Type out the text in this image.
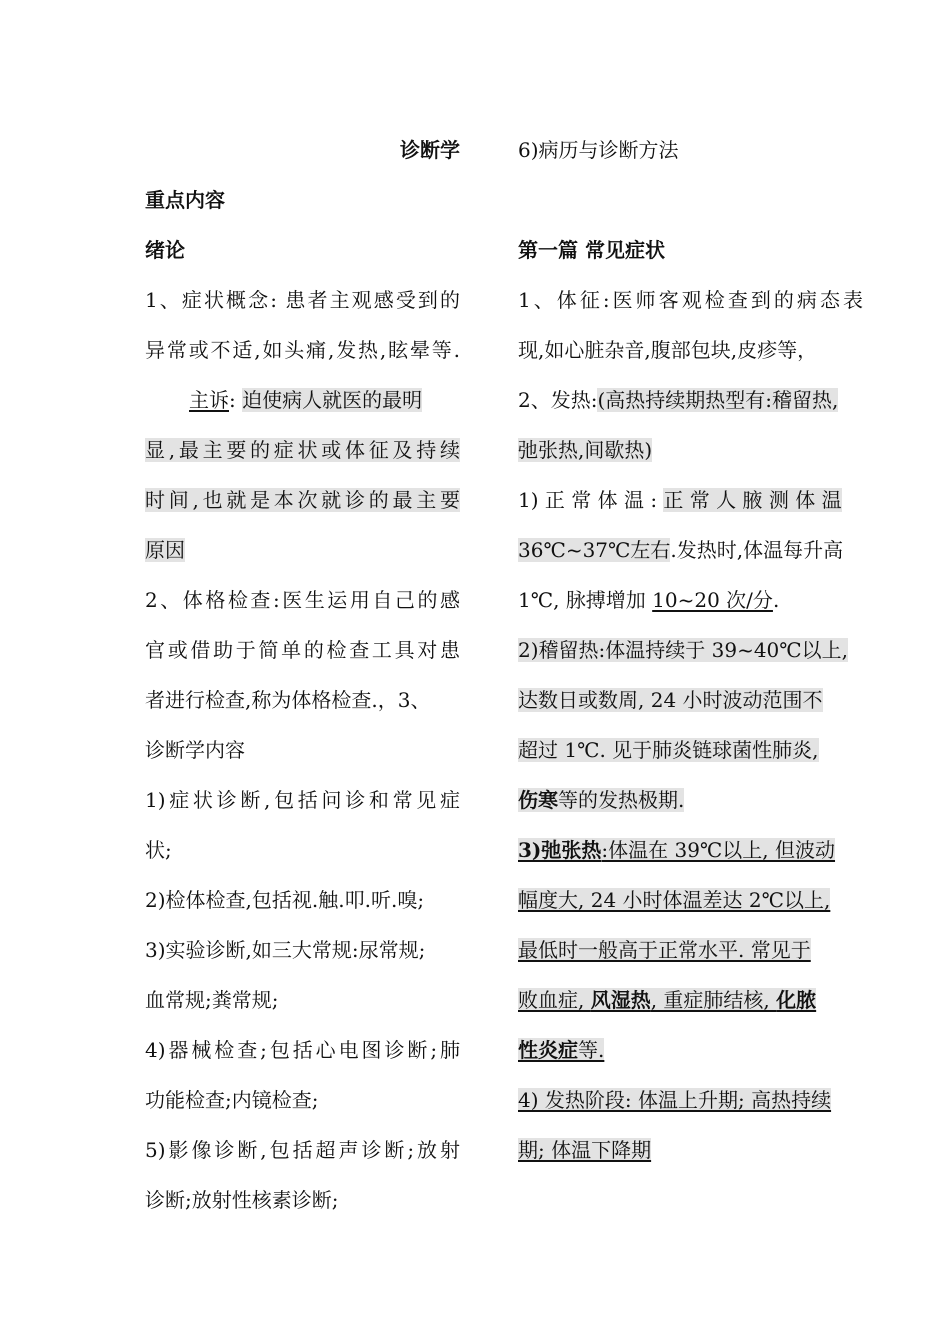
诊断学
重点内容
绪论
1、症状概念: 患者主观感受到的
异常或不适,如头痛,发热,眩晕等.
主诉: 迫使病人就医的最明
显,最主要的症状或体征及持续
时间,也就是本次就诊的最主要
原因
2、体格检查:医生运用自己的感
官或借助于简单的检查工具对患
者进行检查,称为体格检查.，3、
诊断学内容
1)症状诊断,包括问诊和常见症
状;
2)检体检查,包括视.触.叩.听.嗅;
3)实验诊断,如三大常规:尿常规;
血常规;粪常规;
4)器械检查;包括心电图诊断;肺
功能检查;内镜检查;
5)影像诊断,包括超声诊断;放射
诊断;放射性核素诊断;
6)病历与诊断方法
第一篇 常见症状
1、体征:医师客观检查到的病态表
现,如心脏杂音,腹部包块,皮疹等，
2、发热:(高热持续期热型有:稽留热,
弛张热,间歇热)
1) 正 常 体 温 : 正 常 人 腋 测 体 温
36℃~37℃左右.发热时,体温每升高
1℃, 脉搏增加 10~20 次/分.
2)稽留热:体温持续于 39~40℃以上,
达数日或数周, 24 小时波动范围不
超过 1℃. 见于肺炎链球菌性肺炎,
伤寒等的发热极期.
3)弛张热:体温在 39℃以上, 但波动
幅度大, 24 小时体温差达 2℃以上,
最低时一般高于正常水平. 常见于
败血症, 风湿热, 重症肺结核, 化脓
性炎症等.
4) 发热阶段: 体温上升期; 高热持续
期; 体温下降期
